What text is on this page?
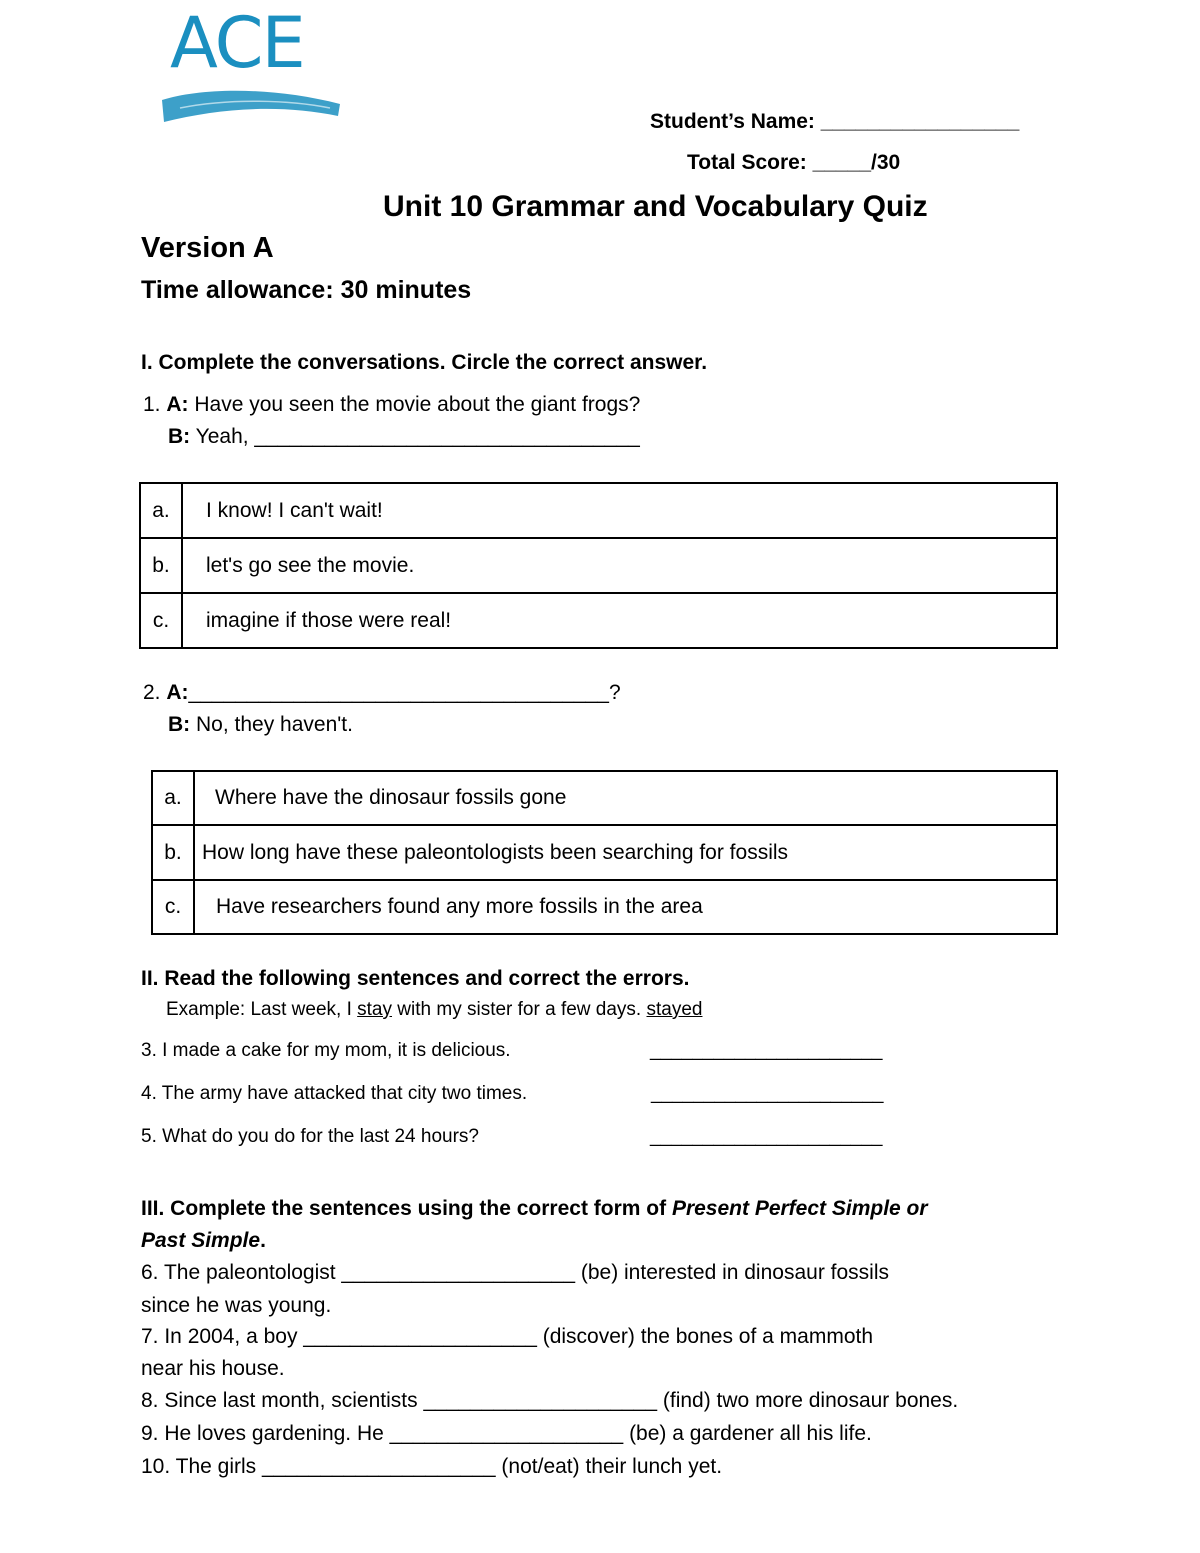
ACE
Student’s Name: _________________
Total Score: _____/30
Unit 10 Grammar and Vocabulary Quiz
Version A
Time allowance: 30 minutes
I. Complete the conversations. Circle the correct answer.
1. A: Have you seen the movie about the giant frogs?
B: Yeah, _________________________________
a.	I know! I can't wait!
b.	let's go see the movie.
c.	imagine if those were real!
2. A:____________________________________?
B: No, they haven't.
a.	Where have the dinosaur fossils gone
b.	How long have these paleontologists been searching for fossils
c.	Have researchers found any more fossils in the area
II. Read the following sentences and correct the errors.
Example: Last week, I stay with my sister for a few days. stayed
3. I made a cake for my mom, it is delicious.	______________________
4. The army have attacked that city two times.	______________________
5. What do you do for the last 24 hours?	______________________
III. Complete the sentences using the correct form of Present Perfect Simple or
Past Simple.
6. The paleontologist ____________________ (be) interested in dinosaur fossils
since he was young.
7. In 2004, a boy ____________________ (discover) the bones of a mammoth
near his house.
8. Since last month, scientists ____________________ (find) two more dinosaur bones.
9. He loves gardening. He ____________________ (be) a gardener all his life.
10. The girls ____________________ (not/eat) their lunch yet.
